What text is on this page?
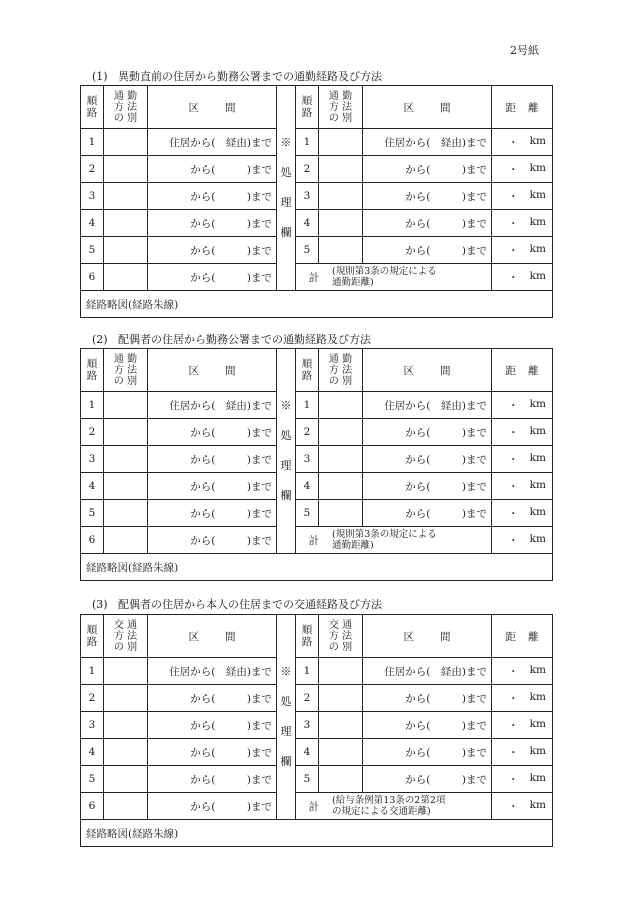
2号紙
(1) 異動直前の住居から勤務公署までの通勤経路及び方法
順路	通 勤
方 法
の 別	区間	※処理欄	順路	通 勤
方 法
の 別	区間	距離
1		住居から(　経由)まで		1		住居から(　経由)まで	・ km

2		から(　　　)まで		2		から(　　　)まで	・ km

3		から(　　　)まで		3		から(　　　)まで	・ km

4		から(　　　)まで		4		から(　　　)まで	・ km

5		から(　　　)まで		5		から(　　　)まで	・ km

6		から(　　　)まで		計 (規則第3条の規定による
通勤距離)			・ km

経路略図(経路朱線)							
(2) 配偶者の住居から勤務公署までの通勤経路及び方法
順路	通 勤
方 法
の 別	区間	※処理欄	順路	通 勤
方 法
の 別	区間	距離
1		住居から(　経由)まで		1		住居から(　経由)まで	・ km

2		から(　　　)まで		2		から(　　　)まで	・ km

3		から(　　　)まで		3		から(　　　)まで	・ km

4		から(　　　)まで		4		から(　　　)まで	・ km

5		から(　　　)まで		5		から(　　　)まで	・ km

6		から(　　　)まで		計 (規則第3条の規定による
通勤距離)			・ km

経路略図(経路朱線)							
(3) 配偶者の住居から本人の住居までの交通経路及び方法
順路	交 通
方 法
の 別	区間	※処理欄	順路	交 通
方 法
の 別	区間	距離
1		住居から(　経由)まで		1		住居から(　経由)まで	・ km

2		から(　　　)まで		2		から(　　　)まで	・ km

3		から(　　　)まで		3		から(　　　)まで	・ km

4		から(　　　)まで		4		から(　　　)まで	・ km

5		から(　　　)まで		5		から(　　　)まで	・ km

6		から(　　　)まで		計 (給与条例第13条の2第2項
の規定による交通距離)			・ km

経路略図(経路朱線)							
